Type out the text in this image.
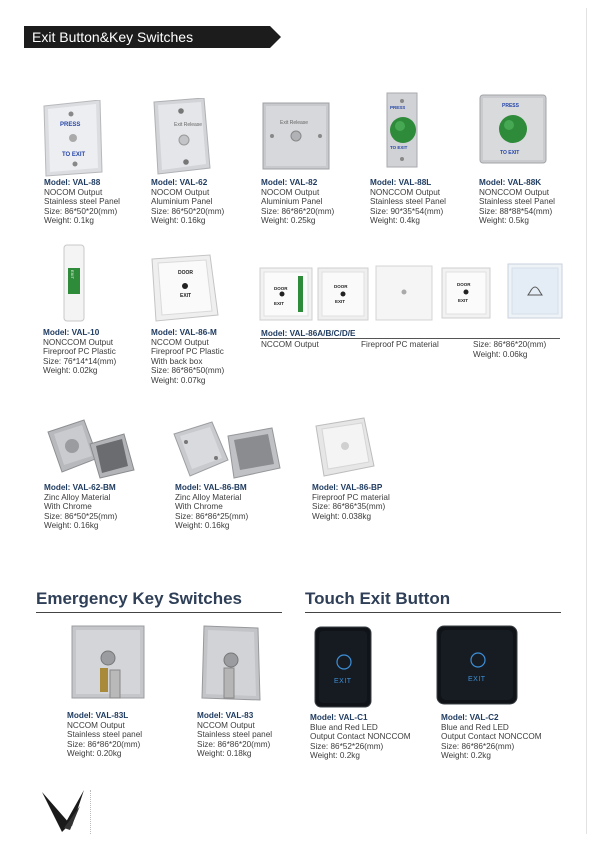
Exit Button&Key Switches
PRESS
TO EXIT
Model: VAL-88
NOCOM Output
Stainless steel Panel
Size: 86*50*20(mm)
Weight: 0.1kg
Exit Release
Model: VAL-62
NOCOM Output
Aluminium Panel
Size: 86*50*20(mm)
Weight: 0.16kg
Exit Release
Model: VAL-82
NOCOM Output
Aluminium Panel
Size: 86*86*20(mm)
Weight: 0.25kg
PRESS
TO EXIT
Model: VAL-88L
NONCCOM Output
Stainless steel Panel
Size: 90*35*54(mm)
Weight: 0.4kg
PRESS
TO EXIT
Model: VAL-88K
NONCCOM Output
Stainless steel Panel
Size: 88*88*54(mm)
Weight: 0.5kg
EXIT
Model: VAL-10
NONCCOM Output
Fireproof PC Plastic
Size: 76*14*14(mm)
Weight: 0.02kg
DOOR
EXIT
Model: VAL-86-M
NCCOM Output
Fireproof PC Plastic
With back box
Size: 86*86*50(mm)
Weight: 0.07kg
DOOR
EXIT
DOOR
EXIT
DOOR
EXIT
Model: VAL-86A/B/C/D/E
NCCOM Output	Fireproof PC material	Size: 86*86*20(mm)
Weight: 0.06kg
Model: VAL-62-BM
Zinc Alloy Material
With Chrome
Size: 86*50*25(mm)
Weight: 0.16kg
Model: VAL-86-BM
Zinc Alloy Material
With Chrome
Size: 86*86*25(mm)
Weight: 0.16kg
Model: VAL-86-BP
Fireproof PC material
Size: 86*86*35(mm)
Weight: 0.038kg
Emergency Key Switches
Model: VAL-83L
NCCOM Output
Stainless steel panel
Size: 86*86*20(mm)
Weight: 0.20kg
Model: VAL-83
NCCOM Output
Stainless steel panel
Size: 86*86*20(mm)
Weight: 0.18kg
Touch Exit Button
EXIT
Model: VAL-C1
Blue and Red LED
Output Contact NONCCOM
Size: 86*52*26(mm)
Weight: 0.2kg
EXIT
Model: VAL-C2
Blue and Red LED
Output Contact NONCCOM
Size: 86*86*26(mm)
Weight: 0.2kg
